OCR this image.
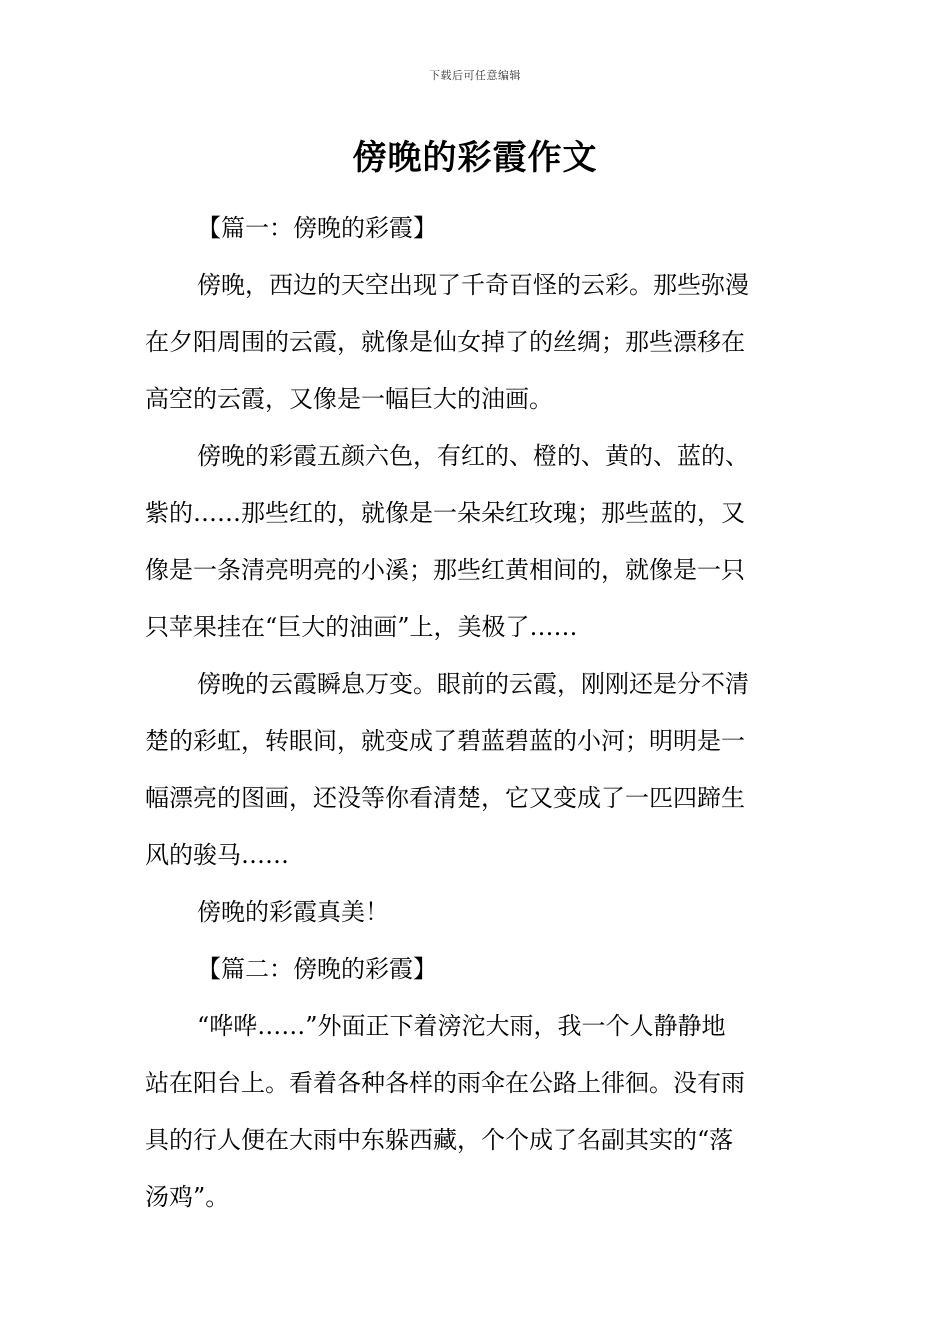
下载后可任意编辑
傍晚的彩霞作文
【篇一：傍晚的彩霞】
傍晚，西边的天空出现了千奇百怪的云彩。那些弥漫
在夕阳周围的云霞，就像是仙女掉了的丝绸；那些漂移在
高空的云霞，又像是一幅巨大的油画。
傍晚的彩霞五颜六色，有红的、橙的、黄的、蓝的、
紫的……那些红的，就像是一朵朵红玫瑰；那些蓝的，又
像是一条清亮明亮的小溪；那些红黄相间的，就像是一只
只苹果挂在“巨大的油画”上，美极了……
傍晚的云霞瞬息万变。眼前的云霞，刚刚还是分不清
楚的彩虹，转眼间，就变成了碧蓝碧蓝的小河；明明是一
幅漂亮的图画，还没等你看清楚，它又变成了一匹四蹄生
风的骏马……
傍晚的彩霞真美！
【篇二：傍晚的彩霞】
“哗哗……”外面正下着滂沱大雨，我一个人静静地
站在阳台上。看着各种各样的雨伞在公路上徘徊。没有雨
具的行人便在大雨中东躲西藏，个个成了名副其实的“落
汤鸡”。
